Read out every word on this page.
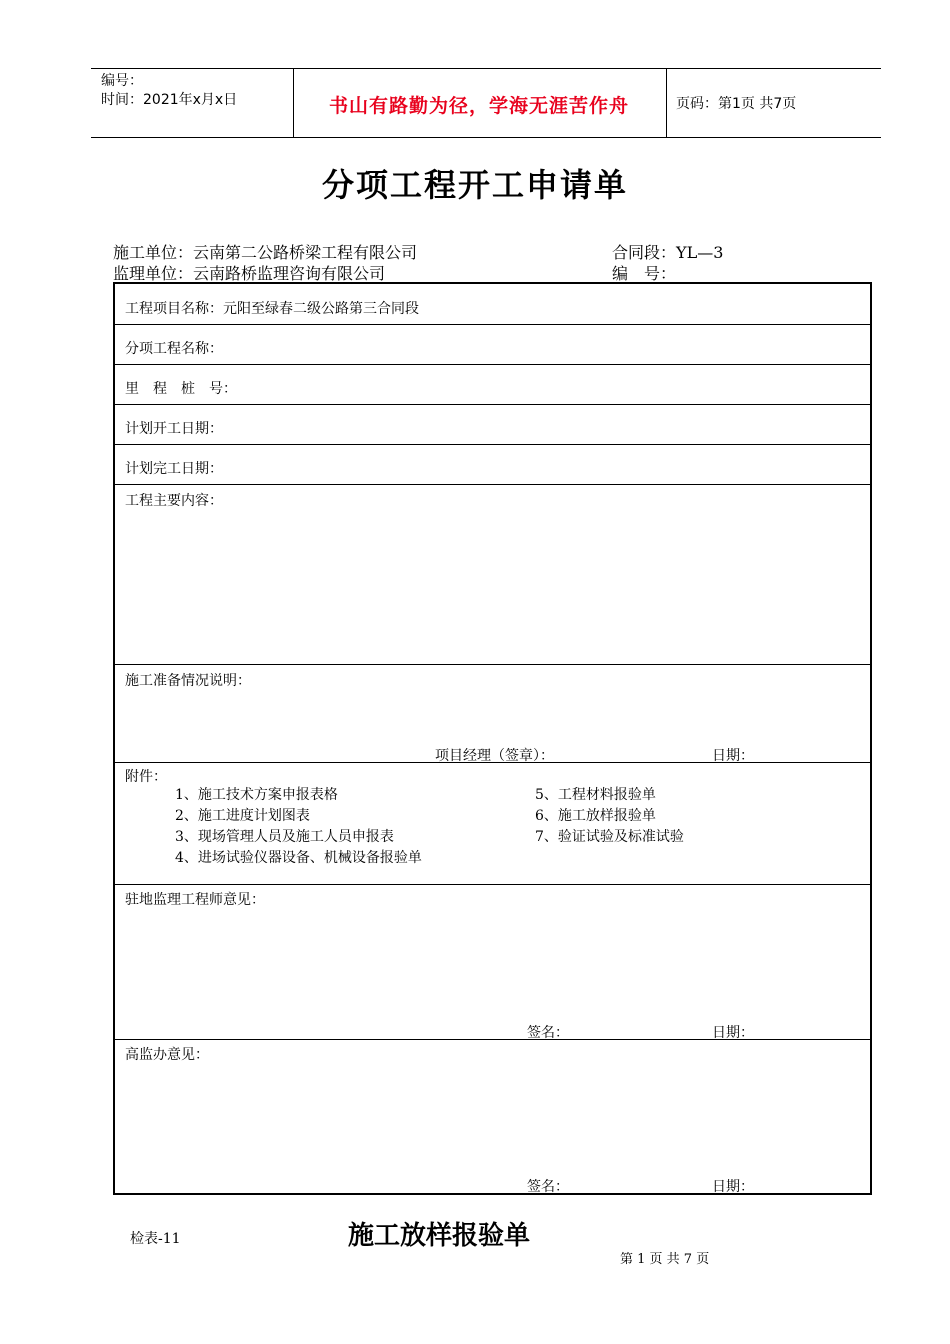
编号：
时间：2021年x月x日	书山有路勤为径，学海无涯苦作舟	页码：第1页 共7页
分项工程开工申请单
施工单位：云南第二公路桥梁工程有限公司	合同段：YL—3
监理单位：云南路桥监理咨询有限公司	编　号：
工程项目名称：元阳至绿春二级公路第三合同段
分项工程名称：
里　程　桩　号：
计划开工日期：
计划完工日期：
工程主要内容：
施工准备情况说明：
项目经理（签章）：	日期：
附件：
1、施工技术方案申报表格
2、施工进度计划图表
3、现场管理人员及施工人员申报表
4、进场试验仪器设备、机械设备报验单
5、工程材料报验单
6、施工放样报验单
7、验证试验及标准试验
驻地监理工程师意见：
签名：	日期：
高监办意见：
签名：	日期：
检表-11	施工放样报验单
第 1 页 共 7 页
